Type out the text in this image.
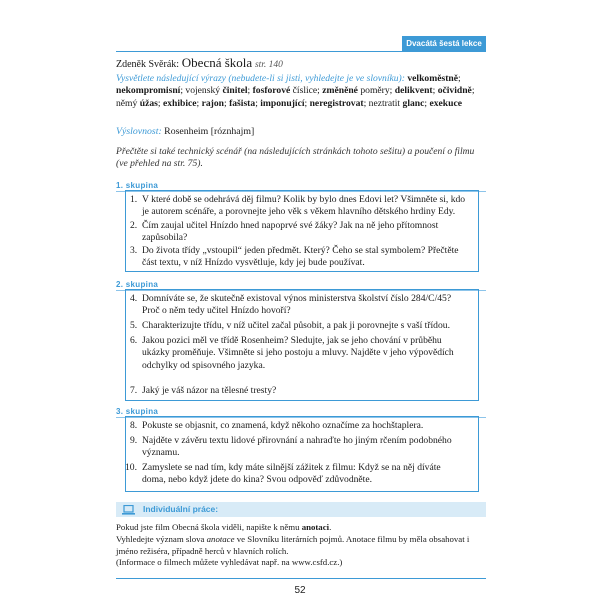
Dvacátá šestá lekce
Zdeněk Svěrák: Obecná škola str. 140
Vysvětlete následující výrazy (nebudete-li si jisti, vyhledejte je ve slovníku): velkoměstně; nekompromisní; vojenský činitel; fosforové číslice; změněné poměry; delikvent; očividně; němý úžas; exhibice; rajon; fašista; imponující; neregistrovat; neztratit glanc; exekuce
Výslovnost: Rosenheim [róznhajm]
Přečtěte si také technický scénář (na následujících stránkách tohoto sešitu) a poučení o filmu (ve přehled na str. 75).
1. skupina
1. V které době se odehrává děj filmu? Kolik by bylo dnes Edovi let? Všimněte si, kdo je autorem scénáře, a porovnejte jeho věk s věkem hlavního dětského hrdiny Edy.
2. Čím zaujal učitel Hnízdo hned napoprvé své žáky? Jak na ně jeho přítomnost zapůsobila?
3. Do života třídy „vstoupil“ jeden předmět. Který? Čeho se stal symbolem? Přečtěte část textu, v níž Hnízdo vysvětluje, kdy jej bude používat.
2. skupina
4. Domníváte se, že skutečně existoval výnos ministerstva školství číslo 284/C/45? Proč o něm tedy učitel Hnízdo hovoří?
5. Charakterizujte třídu, v níž učitel začal působit, a pak ji porovnejte s vaší třídou.
6. Jakou pozici měl ve třídě Rosenheim? Sledujte, jak se jeho chování v průběhu ukázky proměňuje. Všimněte si jeho postoju a mluvy. Najděte v jeho výpovědích odchylky od spisovného jazyka.
7. Jaký je váš názor na tělesné tresty?
3. skupina
8. Pokuste se objasnit, co znamená, když někoho označíme za hochštaplera.
9. Najděte v závěru textu lidové přirovnání a nahraďte ho jiným rčením podobného významu.
10. Zamyslete se nad tím, kdy máte silnější zážitek z filmu: Když se na něj díváte doma, nebo když jdete do kina? Svou odpověď zdůvodněte.
Individuální práce:
Pokud jste film Obecná škola viděli, napište k němu anotaci.
Vyhledejte význam slova anotace ve Slovníku literárních pojmů. Anotace filmu by měla obsahovat i jméno režiséra, případně herců v hlavních rolích.
(Informace o filmech můžete vyhledávat např. na www.csfd.cz.)
52
